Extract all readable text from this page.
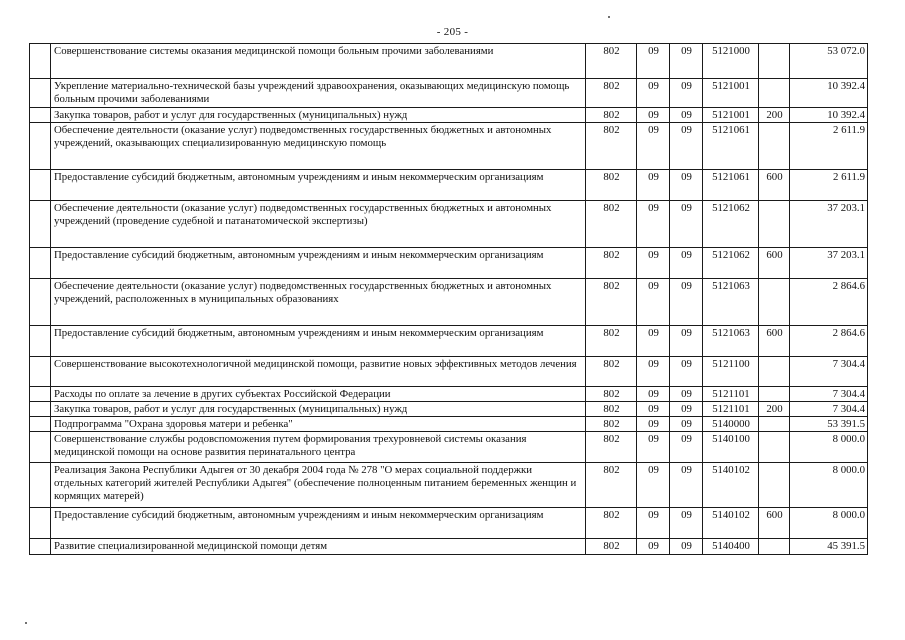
- 205 -
	Совершенствование системы оказания медицинской помощи больным прочими заболеваниями	802	09	09	5121000		53 072.0
	Укрепление материально-технической базы учреждений здравоохранения, оказывающих медицинскую помощь больным прочими заболеваниями	802	09	09	5121001		10 392.4
	Закупка товаров, работ и услуг для государственных (муниципальных) нужд	802	09	09	5121001	200	10 392.4
	Обеспечение деятельности (оказание услуг) подведомственных государственных бюджетных и автономных учреждений, оказывающих специализированную медицинскую помощь	802	09	09	5121061		2 611.9
	Предоставление субсидий бюджетным, автономным учреждениям и иным некоммерческим организациям	802	09	09	5121061	600	2 611.9
	Обеспечение деятельности (оказание услуг) подведомственных государственных бюджетных и автономных учреждений (проведение судебной и патанатомической экспертизы)	802	09	09	5121062		37 203.1
	Предоставление субсидий бюджетным, автономным учреждениям и иным некоммерческим организациям	802	09	09	5121062	600	37 203.1
	Обеспечение деятельности (оказание услуг) подведомственных государственных бюджетных и автономных учреждений, расположенных в муниципальных образованиях	802	09	09	5121063		2 864.6
	Предоставление субсидий бюджетным, автономным учреждениям и иным некоммерческим организациям	802	09	09	5121063	600	2 864.6
	Совершенствование высокотехнологичной медицинской помощи, развитие новых эффективных методов лечения	802	09	09	5121100		7 304.4
	Расходы по оплате за лечение в других субъектах Российской Федерации	802	09	09	5121101		7 304.4
	Закупка товаров, работ и услуг для государственных (муниципальных) нужд	802	09	09	5121101	200	7 304.4
	Подпрограмма "Охрана здоровья матери и ребенка"	802	09	09	5140000		53 391.5
	Совершенствование службы родовспоможения путем формирования трехуровневой системы оказания медицинской помощи на основе развития перинатального центра	802	09	09	5140100		8 000.0
	Реализация Закона Республики Адыгея от 30 декабря 2004 года № 278 "О мерах социальной поддержки отдельных категорий жителей Республики Адыгея" (обеспечение полноценным питанием беременных женщин и кормящих матерей)	802	09	09	5140102		8 000.0
	Предоставление субсидий бюджетным, автономным учреждениям и иным некоммерческим организациям	802	09	09	5140102	600	8 000.0
	Развитие специализированной медицинской помощи детям	802	09	09	5140400		45 391.5
